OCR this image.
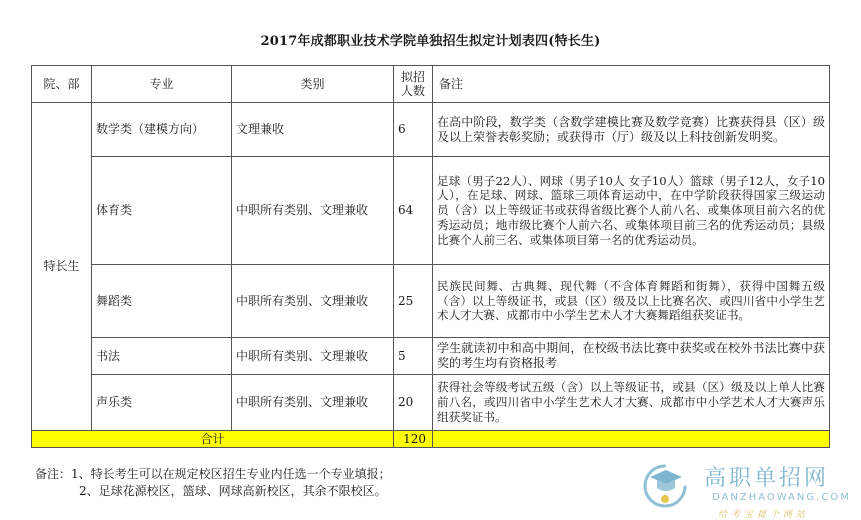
2017年成都职业技术学院单独招生拟定计划表四(特长生)
院、部	专业	类别	拟招人数	备注
特长生	数学类（建模方向）	文理兼收	6	在高中阶段，数学类（含数学建模比赛及数学竞赛）比赛获得县（区）级及以上荣誉表彰奖励；或获得市（厅）级及以上科技创新发明奖。
	体育类	中职所有类别、文理兼收	64	足球（男子22人）、网球（男子10人 女子10人）篮球（男子12人，女子10人），在足球、网球、篮球三项体育运动中，在中学阶段获得国家三级运动员（含）以上等级证书或获得省级比赛个人前八名、或集体项目前六名的优秀运动员；地市级比赛个人前六名、或集体项目前三名的优秀运动员；县级比赛个人前三名、或集体项目第一名的优秀运动员。
	舞蹈类	中职所有类别、文理兼收	25	民族民间舞、古典舞、现代舞（不含体育舞蹈和街舞），获得中国舞五级（含）以上等级证书，或县（区）级及以上比赛名次、或四川省中小学生艺术人才大赛、成都市中小学生艺术人才大赛舞蹈组获奖证书。
	书法	中职所有类别、文理兼收	5	学生就读初中和高中期间，在校级书法比赛中获奖或在校外书法比赛中获奖的考生均有资格报考
	声乐类	中职所有类别、文理兼收	20	获得社会等级考试五级（含）以上等级证书，或县（区）级及以上单人比赛前八名，或四川省中小学生艺术人才大赛、成都市中小学艺术人才大赛声乐组获奖证书。
合计			120	
备注：1、特长考生可以在规定校区招生专业内任选一个专业填报；
2、足球花源校区，篮球、网球高新校区，其余不限校区。	高职单招网
DANZHAOWANG.COM
给考宝提个网站
